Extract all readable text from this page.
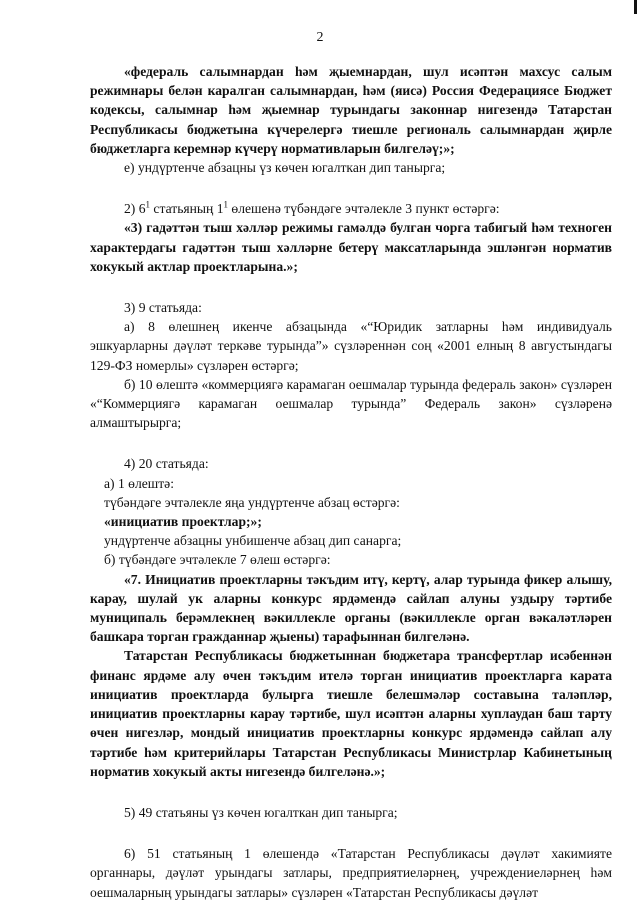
2

«федераль салымнардан һәм җыемнардан, шул исәптән махсус салым режимнары белән каралган салымнардан, һәм (яисә) Россия Федерациясе Бюджет кодексы, салымнар һәм җыемнар турындагы законнар нигезендә Татарстан Республикасы бюджетына күчерелергә тиешле региональ салымнардан җирле бюджетларга керемнәр күчерү нормативларын билгеләү;»;

е) ундүртенче абзацны үз көчен югалткан дип танырга;

2) $6^1$ статьяның $1^1$ өлешенә түбәндәге эчтәлекле 3 пункт өстәргә:

«3) гадәттән тыш хәлләр режимы гамәлдә булган чорга табигый һәм техноген характердагы гадәттән тыш хәлләрне бетерү максатларында эшләнгән норматив хокукый актлар проектларына.»;

3) 9 статьяда:

а) 8 өлешнең икенче абзацында «“Юридик затларны һәм индивидуаль эшкуарларны дәүләт теркәве турында”» сүзләреннән соң «2001 елның 8 августындагы 129-ФЗ номерлы» сүзләрен өстәргә;

б) 10 өлештә «коммерциягә карамаган оешмалар турында федераль закон» сүзләрен «“Коммерциягә карамаган оешмалар турында” Федераль закон» сүзләренә алмаштырырга;

4) 20 статьяда:

а) 1 өлештә:

түбәндәге эчтәлекле яңа ундүртенче абзац өстәргә:

«инициатив проектлар;»;

ундүртенче абзацны унбишенче абзац дип санарга;

б) түбәндәге эчтәлекле 7 өлеш өстәргә:

«7. Инициатив проектларны тәкъдим итү, кертү, алар турында фикер алышу, карау, шулай ук аларны конкурс ярдәмендә сайлап алуны уздыру тәртибе муниципаль берәмлекнең вәкиллекле органы (вәкиллекле орган вәкаләтләрен башкара торган гражданнар җыены) тарафыннан билгеләнә.

Татарстан Республикасы бюджетыннан бюджетара трансфертлар исәбеннән финанс ярдәме алу өчен тәкъдим ителә торган инициатив проектларга карата инициатив проектларда булырга тиешле белешмәләр составына таләпләр, инициатив проектларны карау тәртибе, шул исәптән аларны хуплаудан баш тарту өчен нигезләр, мондый инициатив проектларны конкурс ярдәмендә сайлап алу тәртибе һәм критерийлары Татарстан Республикасы Министрлар Кабинетының норматив хокукый акты нигезендә билгеләнә.»;

5) 49 статьяны үз көчен югалткан дип танырга;

6) 51 статьяның 1 өлешендә «Татарстан Республикасы дәүләт хакимияте органнары, дәүләт урындагы затлары, предприятиеләрнең, учреждениеләрнең һәм оешмаларның урындагы затлары» сүзләрен «Татарстан Республикасы дәүләт
